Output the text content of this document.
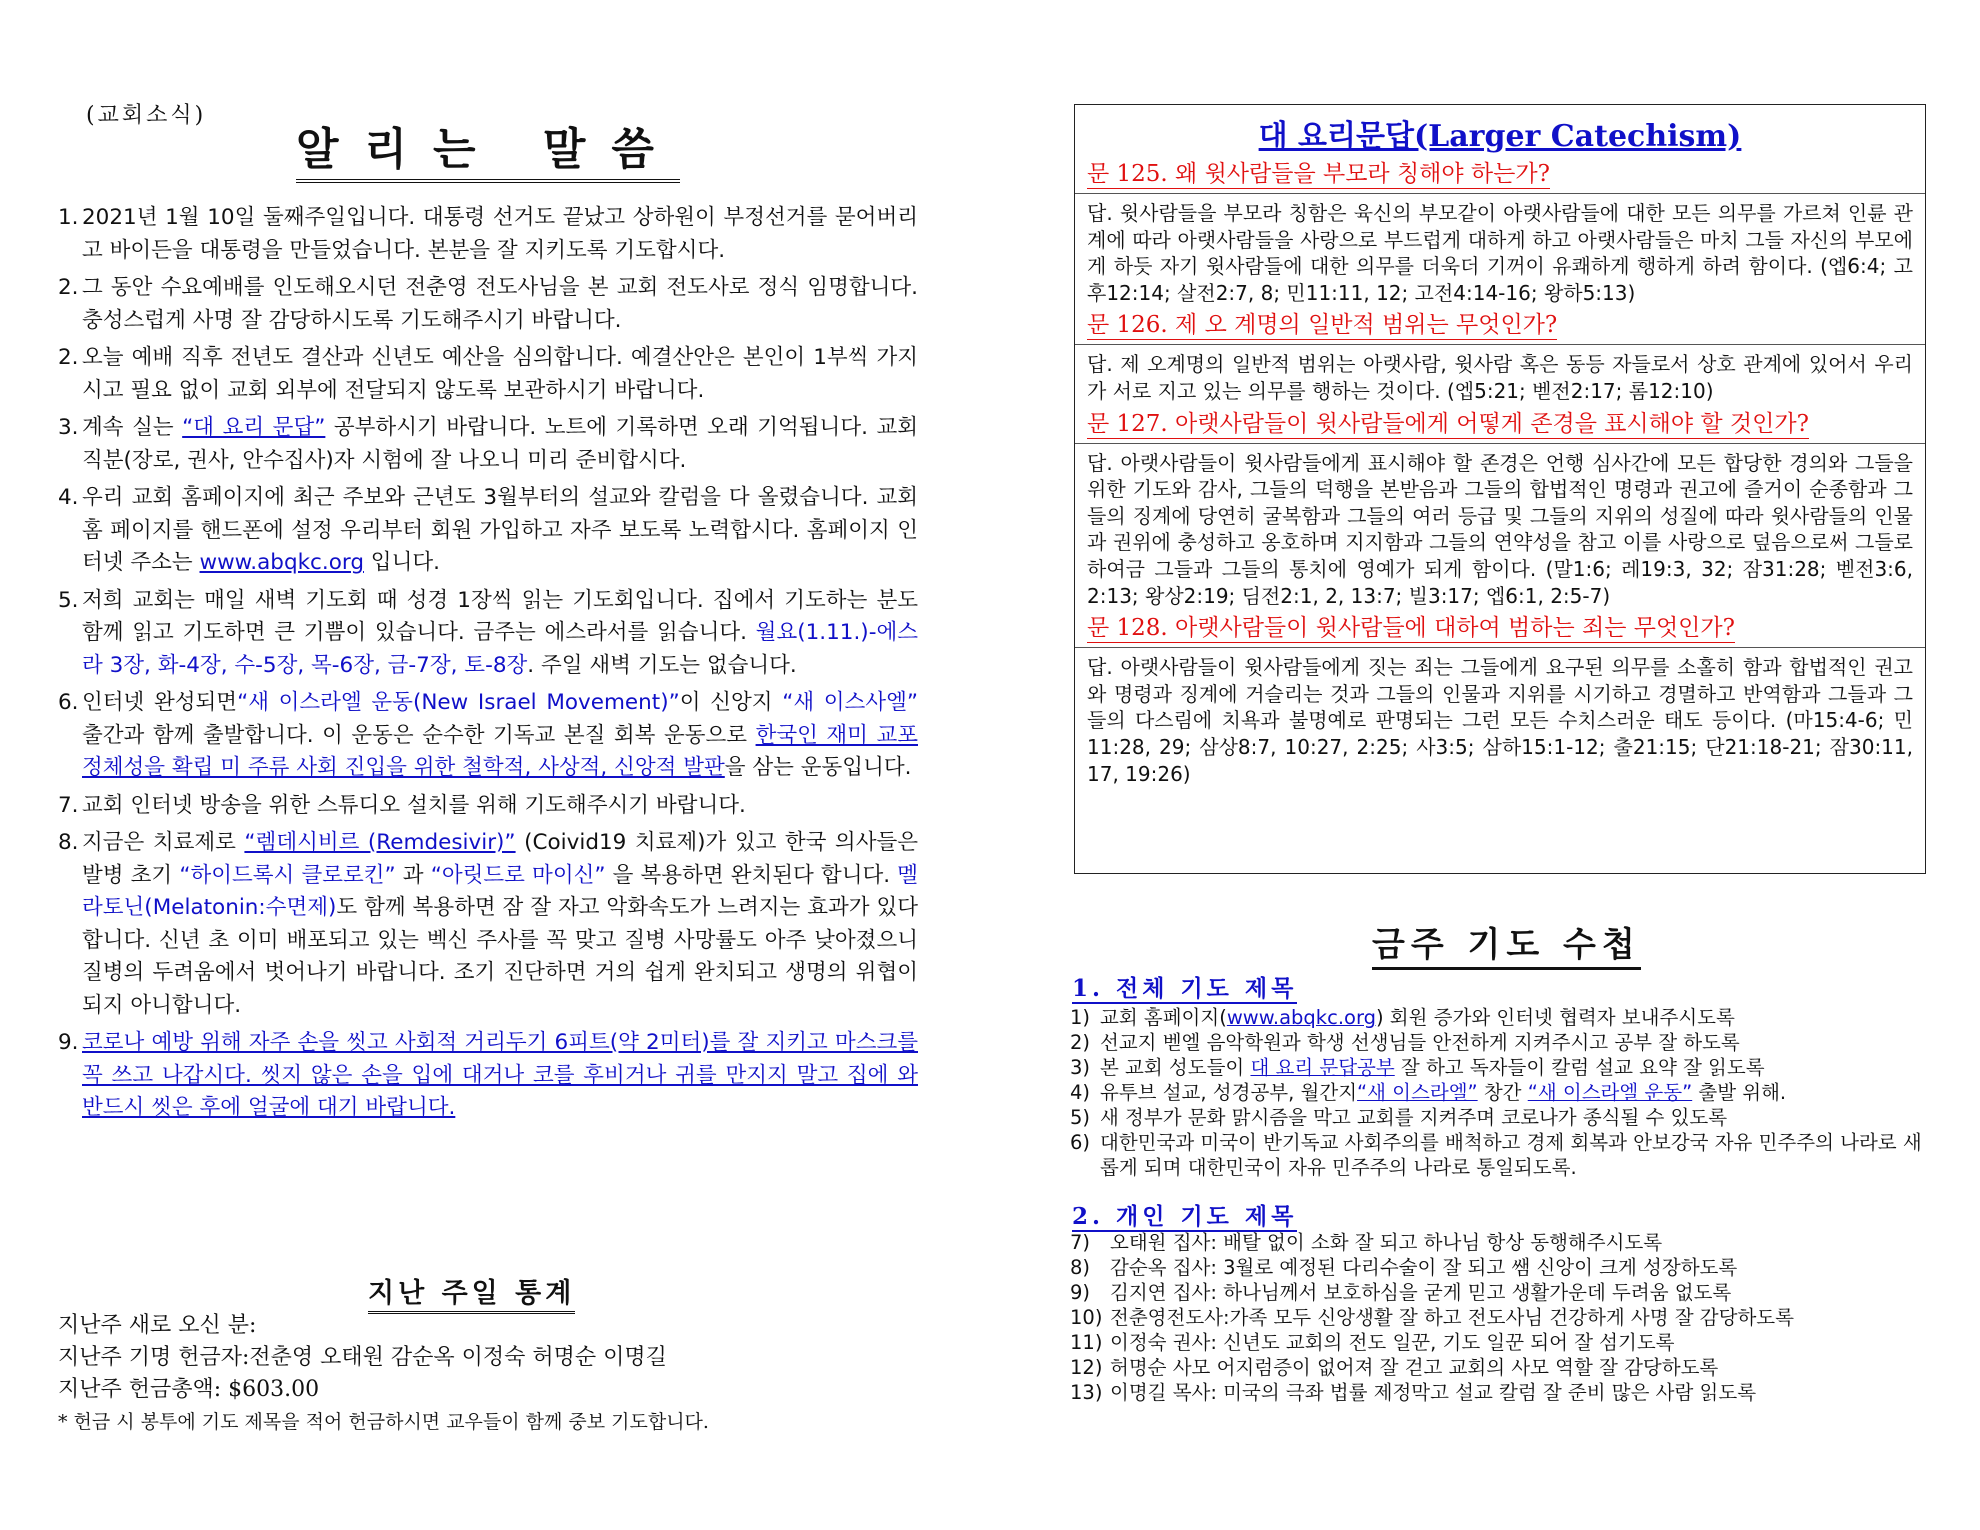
(교회소식)
알리는 말씀
1. 2021년 1월 10일 둘째주일입니다. 대통령 선거도 끝났고 상하원이 부정선거를 묻어버리고 바이든을 대통령을 만들었습니다. 본분을 잘 지키도록 기도합시다.
2. 그 동안 수요예배를 인도해오시던 전춘영 전도사님을 본 교회 전도사로 정식 임명합니다. 충성스럽게 사명 잘 감당하시도록 기도해주시기 바랍니다.
2. 오늘 예배 직후 전년도 결산과 신년도 예산을 심의합니다. 예결산안은 본인이 1부씩 가지시고 필요 없이 교회 외부에 전달되지 않도록 보관하시기 바랍니다.
3. 계속 실는 “대 요리 문답” 공부하시기 바랍니다. 노트에 기록하면 오래 기억됩니다. 교회 직분(장로, 권사, 안수집사)자 시험에 잘 나오니 미리 준비합시다.
4. 우리 교회 홈페이지에 최근 주보와 근년도 3월부터의 설교와 칼럼을 다 올렸습니다. 교회 홈 페이지를 핸드폰에 설정 우리부터 회원 가입하고 자주 보도록 노력합시다. 홈페이지 인터넷 주소는 www.abqkc.org 입니다.
5. 저희 교회는 매일 새벽 기도회 때 성경 1장씩 읽는 기도회입니다. 집에서 기도하는 분도 함께 읽고 기도하면 큰 기쁨이 있습니다. 금주는 에스라서를 읽습니다. 월요(1.11.)-에스라 3장, 화-4장, 수-5장, 목-6장, 금-7장, 토-8장. 주일 새벽 기도는 없습니다.
6. 인터넷 완성되면“새 이스라엘 운동(New Israel Movement)”이 신앙지 “새 이스사엘” 출간과 함께 출발합니다. 이 운동은 순수한 기독교 본질 회복 운동으로 한국인 재미 교포 정체성을 확립 미 주류 사회 진입을 위한 철학적, 사상적, 신앙적 발판을 삼는 운동입니다.
7. 교회 인터넷 방송을 위한 스튜디오 설치를 위해 기도해주시기 바랍니다.
8. 지금은 치료제로 “렘데시비르 (Remdesivir)” (Coivid19 치료제)가 있고 한국 의사들은 발병 초기 “하이드록시 클로로킨” 과 “아릿드로 마이신” 을 복용하면 완치된다 합니다. 멜라토닌(Melatonin:수면제)도 함께 복용하면 잠 잘 자고 악화속도가 느려지는 효과가 있다 합니다. 신년 초 이미 배포되고 있는 벡신 주사를 꼭 맞고 질병 사망률도 아주 낮아졌으니 질병의 두려움에서 벗어나기 바랍니다. 조기 진단하면 거의 쉽게 완치되고 생명의 위협이 되지 아니합니다.
9. 코로나 예방 위해 자주 손을 씻고 사회적 거리두기 6피트(약 2미터)를 잘 지키고 마스크를 꼭 쓰고 나갑시다. 씻지 않은 손을 입에 대거나 코를 후비거나 귀를 만지지 말고 집에 와 반드시 씻은 후에 얼굴에 대기 바랍니다.
지난 주일 통계
지난주 새로 오신 분:
지난주 기명 헌금자:전춘영 오태원 감순옥 이정숙 허명순 이명길
지난주 헌금총액: $603.00
* 헌금 시 봉투에 기도 제목을 적어 헌금하시면 교우들이 함께 중보 기도합니다.
대 요리문답(Larger Catechism)
문 125. 왜 윗사람들을 부모라 칭해야 하는가?
답. 윗사람들을 부모라 칭함은 육신의 부모같이 아랫사람들에 대한 모든 의무를 가르쳐 인륜 관계에 따라 아랫사람들을 사랑으로 부드럽게 대하게 하고 아랫사람들은 마치 그들 자신의 부모에게 하듯 자기 윗사람들에 대한 의무를 더욱더 기꺼이 유쾌하게 행하게 하려 함이다. (엡6:4; 고후12:14; 살전2:7, 8; 민11:11, 12; 고전4:14-16; 왕하5:13)
문 126. 제 오 계명의 일반적 범위는 무엇인가?
답. 제 오계명의 일반적 범위는 아랫사람, 윗사람 혹은 동등 자들로서 상호 관계에 있어서 우리가 서로 지고 있는 의무를 행하는 것이다. (엡5:21; 벧전2:17; 롬12:10)
문 127. 아랫사람들이 윗사람들에게 어떻게 존경을 표시해야 할 것인가?
답. 아랫사람들이 윗사람들에게 표시해야 할 존경은 언행 심사간에 모든 합당한 경의와 그들을 위한 기도와 감사, 그들의 덕행을 본받음과 그들의 합법적인 명령과 권고에 즐거이 순종함과 그들의 징계에 당연히 굴복함과 그들의 여러 등급 및 그들의 지위의 성질에 따라 윗사람들의 인물과 권위에 충성하고 옹호하며 지지함과 그들의 연약성을 참고 이를 사랑으로 덮음으로써 그들로 하여금 그들과 그들의 통치에 영예가 되게 함이다. (말1:6; 레19:3, 32; 잠31:28; 벧전3:6, 2:13; 왕상2:19; 딤전2:1, 2, 13:7; 빌3:17; 엡6:1, 2:5-7)
문 128. 아랫사람들이 윗사람들에 대하여 범하는 죄는 무엇인가?
답. 아랫사람들이 윗사람들에게 짓는 죄는 그들에게 요구된 의무를 소홀히 함과 합법적인 권고와 명령과 징계에 거슬리는 것과 그들의 인물과 지위를 시기하고 경멸하고 반역함과 그들과 그들의 다스림에 치욕과 불명예로 판명되는 그런 모든 수치스러운 태도 등이다. (마15:4-6; 민11:28, 29; 삼상8:7, 10:27, 2:25; 사3:5; 삼하15:1-12; 출21:15; 단21:18-21; 잠30:11, 17, 19:26)
금주 기도 수첩
1. 전체 기도 제목
1) 교회 홈페이지(www.abqkc.org) 회원 증가와 인터넷 협력자 보내주시도록
2) 선교지 벧엘 음악학원과 학생 선생님들 안전하게 지켜주시고 공부 잘 하도록
3) 본 교회 성도들이 대 요리 문답공부 잘 하고 독자들이 칼럼 설교 요약 잘 읽도록
4) 유투브 설교, 성경공부, 월간지“새 이스라엘” 창간 “새 이스라엘 운동” 출발 위해.
5) 새 정부가 문화 맑시즘을 막고 교회를 지켜주며 코로나가 종식될 수 있도록
6) 대한민국과 미국이 반기독교 사회주의를 배척하고 경제 회복과 안보강국 자유 민주주의 나라로 새롭게 되며 대한민국이 자유 민주주의 나라로 통일되도록.
2. 개인 기도 제목
7) 오태원 집사: 배탈 없이 소화 잘 되고 하나님 항상 동행해주시도록
8) 감순옥 집사: 3월로 예정된 다리수술이 잘 되고 쌤 신앙이 크게 성장하도록
9) 김지연 집사: 하나님께서 보호하심을 굳게 믿고 생활가운데 두려움 없도록
10) 전춘영전도사:가족 모두 신앙생활 잘 하고 전도사님 건강하게 사명 잘 감당하도록
11) 이정숙 권사: 신년도 교회의 전도 일꾼, 기도 일꾼 되어 잘 섬기도록
12) 허명순 사모 어지럼증이 없어져 잘 걷고 교회의 사모 역할 잘 감당하도록
13) 이명길 목사: 미국의 극좌 법률 제정막고 설교 칼럼 잘 준비 많은 사람 읽도록
